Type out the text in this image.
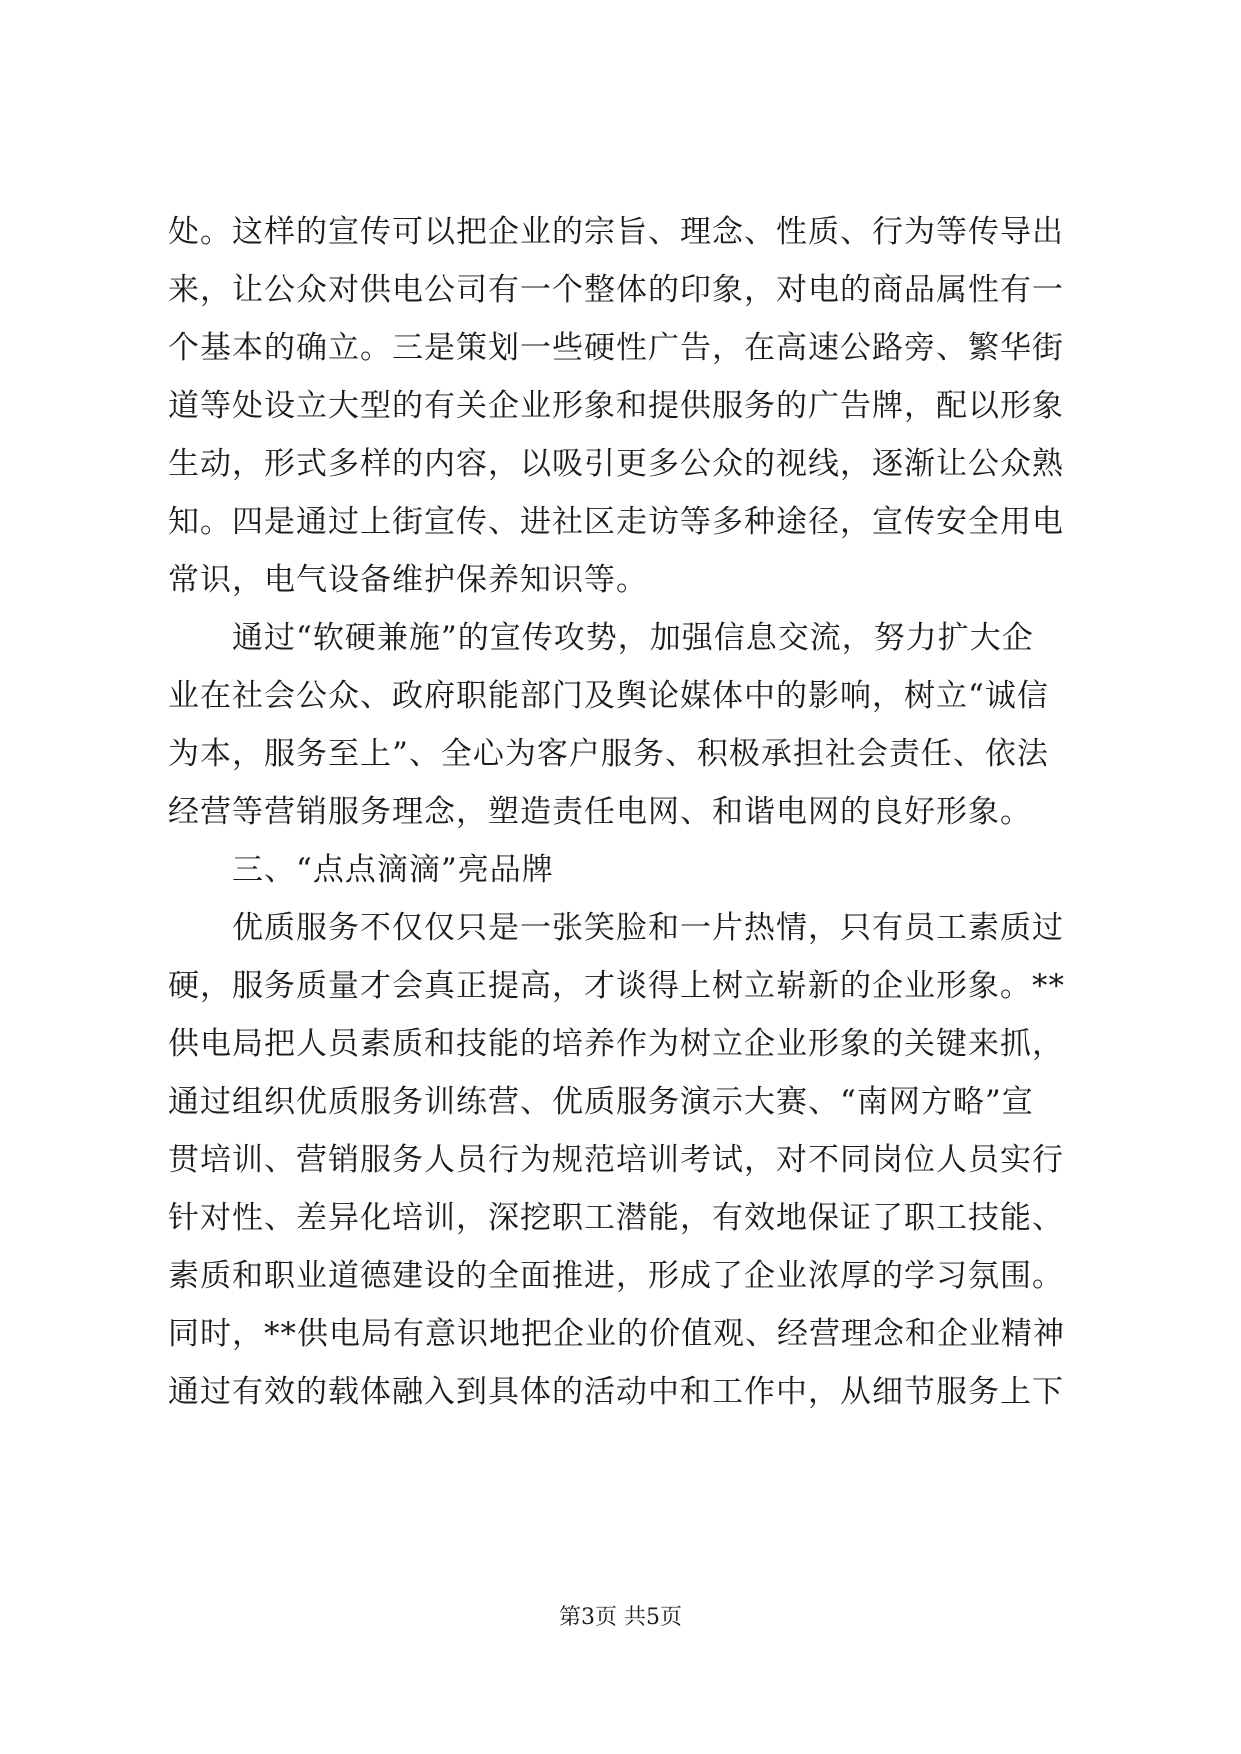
处。这样的宣传可以把企业的宗旨、理念、性质、行为等传导出
来，让公众对供电公司有一个整体的印象，对电的商品属性有一
个基本的确立。三是策划一些硬性广告，在高速公路旁、繁华街
道等处设立大型的有关企业形象和提供服务的广告牌，配以形象
生动，形式多样的内容，以吸引更多公众的视线，逐渐让公众熟
知。四是通过上街宣传、进社区走访等多种途径，宣传安全用电
常识，电气设备维护保养知识等。
通过“软硬兼施”的宣传攻势，加强信息交流，努力扩大企
业在社会公众、政府职能部门及舆论媒体中的影响，树立“诚信
为本，服务至上”、全心为客户服务、积极承担社会责任、依法
经营等营销服务理念，塑造责任电网、和谐电网的良好形象。
三、“点点滴滴”亮品牌
优质服务不仅仅只是一张笑脸和一片热情，只有员工素质过
硬，服务质量才会真正提高，才谈得上树立崭新的企业形象。**
供电局把人员素质和技能的培养作为树立企业形象的关键来抓，
通过组织优质服务训练营、优质服务演示大赛、“南网方略”宣
贯培训、营销服务人员行为规范培训考试，对不同岗位人员实行
针对性、差异化培训，深挖职工潜能，有效地保证了职工技能、
素质和职业道德建设的全面推进，形成了企业浓厚的学习氛围。
同时，**供电局有意识地把企业的价值观、经营理念和企业精神
通过有效的载体融入到具体的活动中和工作中，从细节服务上下
第3页 共5页
